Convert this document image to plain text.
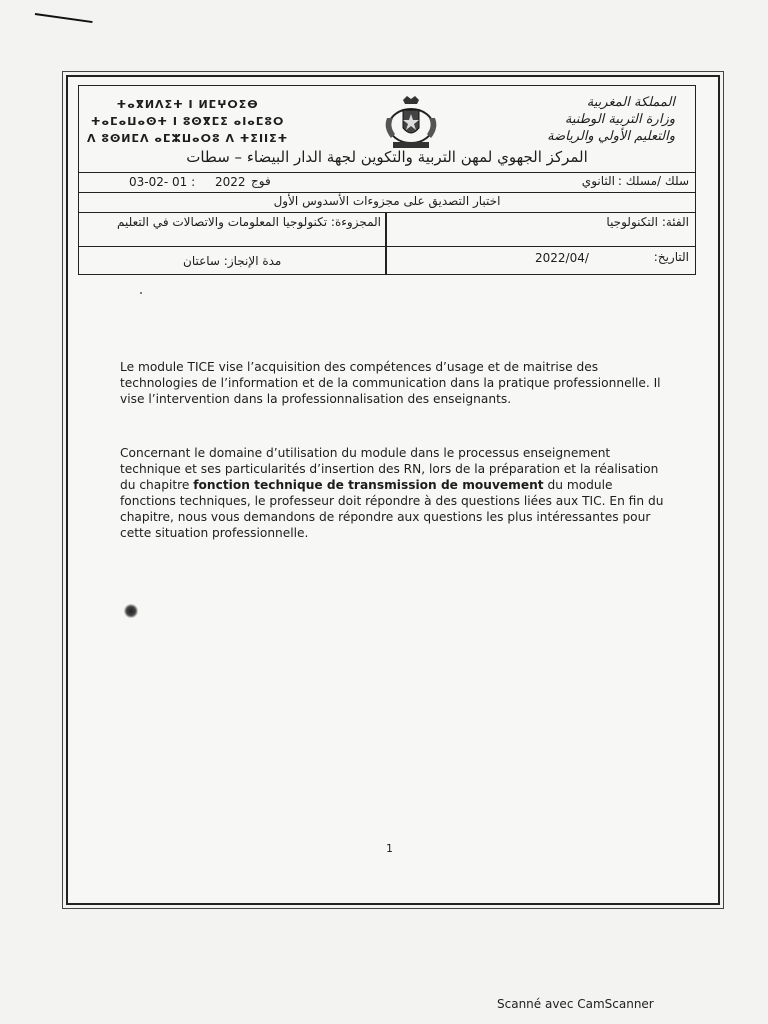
ⵜⴰⴳⵍⴷⵉⵜ ⵏ ⵍⵎⵖⵔⵉⴱ
ⵜⴰⵎⴰⵡⴰⵙⵜ ⵏ ⵓⵙⴳⵎⵉ ⴰⵏⴰⵎⵓⵔ
ⴷ ⵓⵙⵍⵎⴷ ⴰⵎⵣⵡⴰⵔⵓ ⴷ ⵜⵉⵏⵏⵉⵜ
المملكة المغربية
وزارة التربية الوطنية
والتعليم الأولي والرياضة
المركز الجهوي لمهن التربية والتكوين لجهة الدار البيضاء – سطات
سلك /مسلك :
الثانوي
03-02- 01 : 2022 فوج
اختبار التصديق على مجزوءات الأسدوس الأول
الفئة: التكنولوجيا
المجزوءة: تكنولوجيا المعلومات والاتصالات في التعليم
التاريخ:
2022/04/
مدة الإنجاز: ساعتان

Le module TICE vise l’acquisition des compétences d’usage et de maitrise des technologies de l’information et de la communication dans la pratique professionnelle. Il vise l’intervention dans la professionnalisation des enseignants.

Concernant le domaine d’utilisation du module dans le processus enseignement technique et ses particularités d’insertion des RN, lors de la préparation et la réalisation du chapitre fonction technique de transmission de mouvement du module fonctions techniques, le professeur doit répondre à des questions liées aux TIC. En fin du chapitre, nous vous demandons de répondre aux questions les plus intéressantes pour cette situation professionnelle.

1
Scanné avec CamScanner
